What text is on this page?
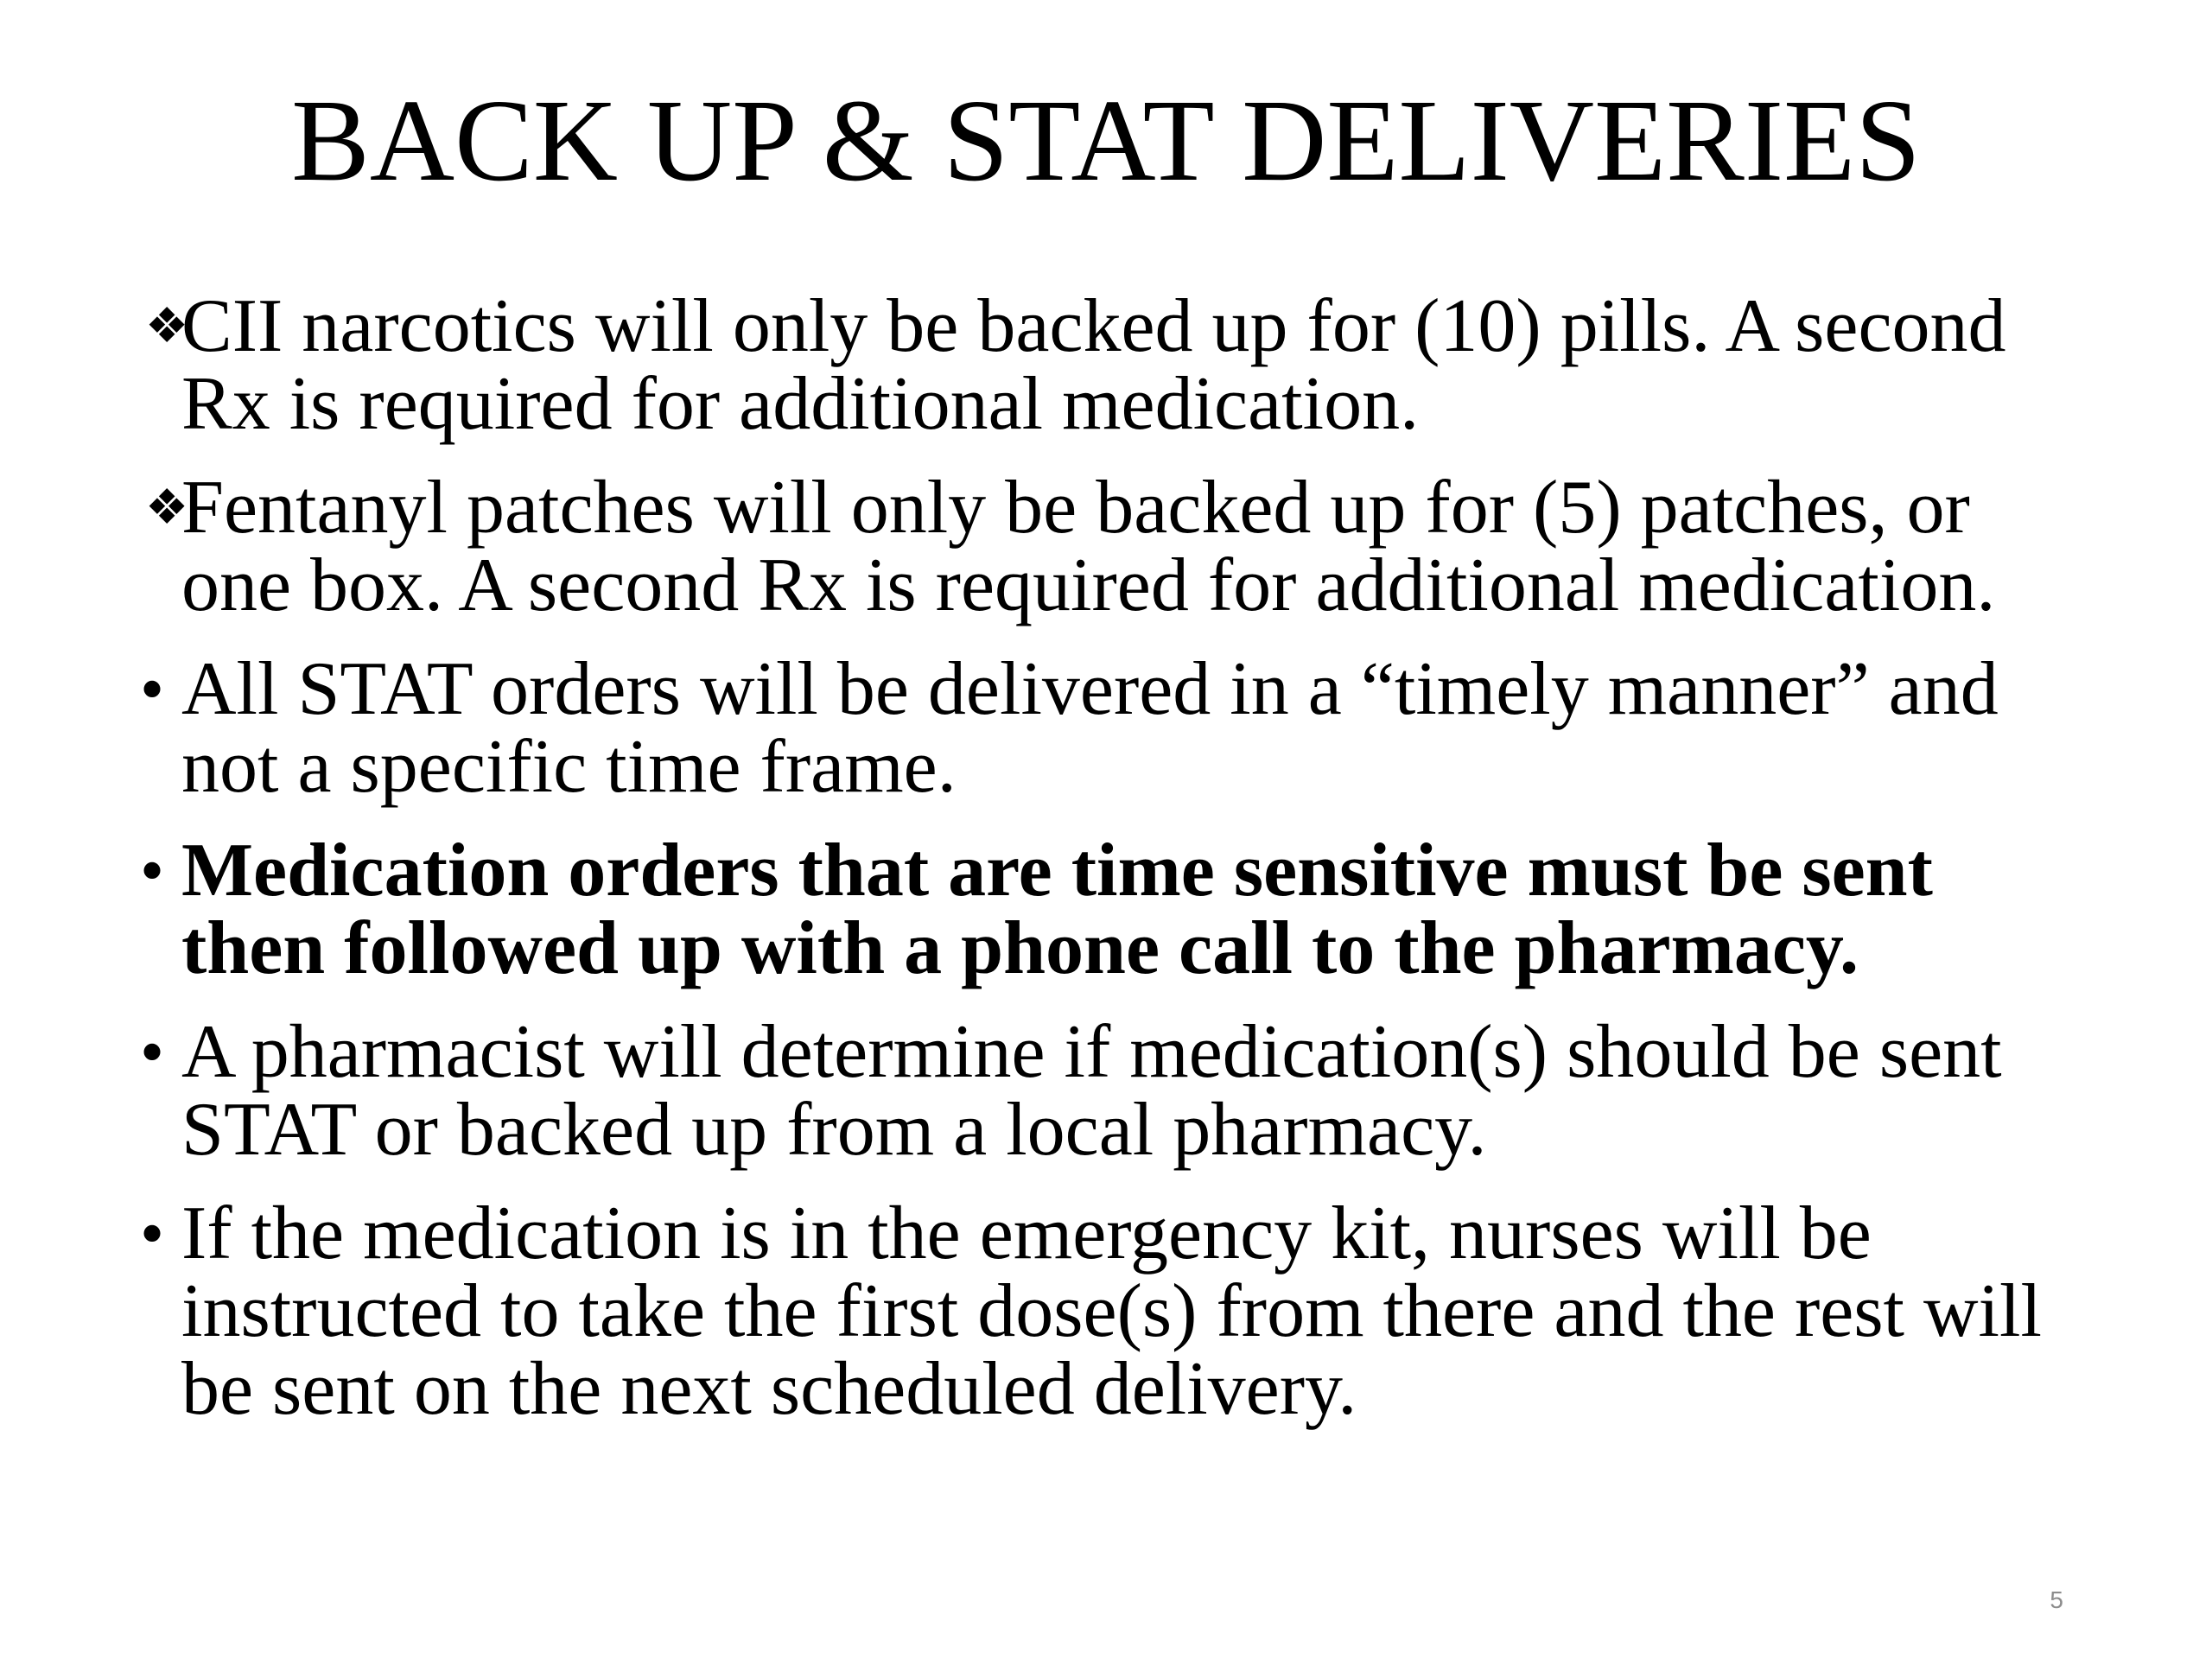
BACK UP & STAT DELIVERIES
❖
CII narcotics will only be backed up for (10) pills. A second Rx is required for additional medication.
❖
Fentanyl patches will only be backed up for (5) patches, or one box. A second Rx is required for additional medication.
• All STAT orders will be delivered in a “timely manner” and not a specific time frame.
• Medication orders that are time sensitive must be sent then followed up with a phone call to the pharmacy.
• A pharmacist will determine if medication(s) should be sent STAT or backed up from a local pharmacy.
• If the medication is in the emergency kit, nurses will be instructed to take the first dose(s) from there and the rest will be sent on the next scheduled delivery.
5
